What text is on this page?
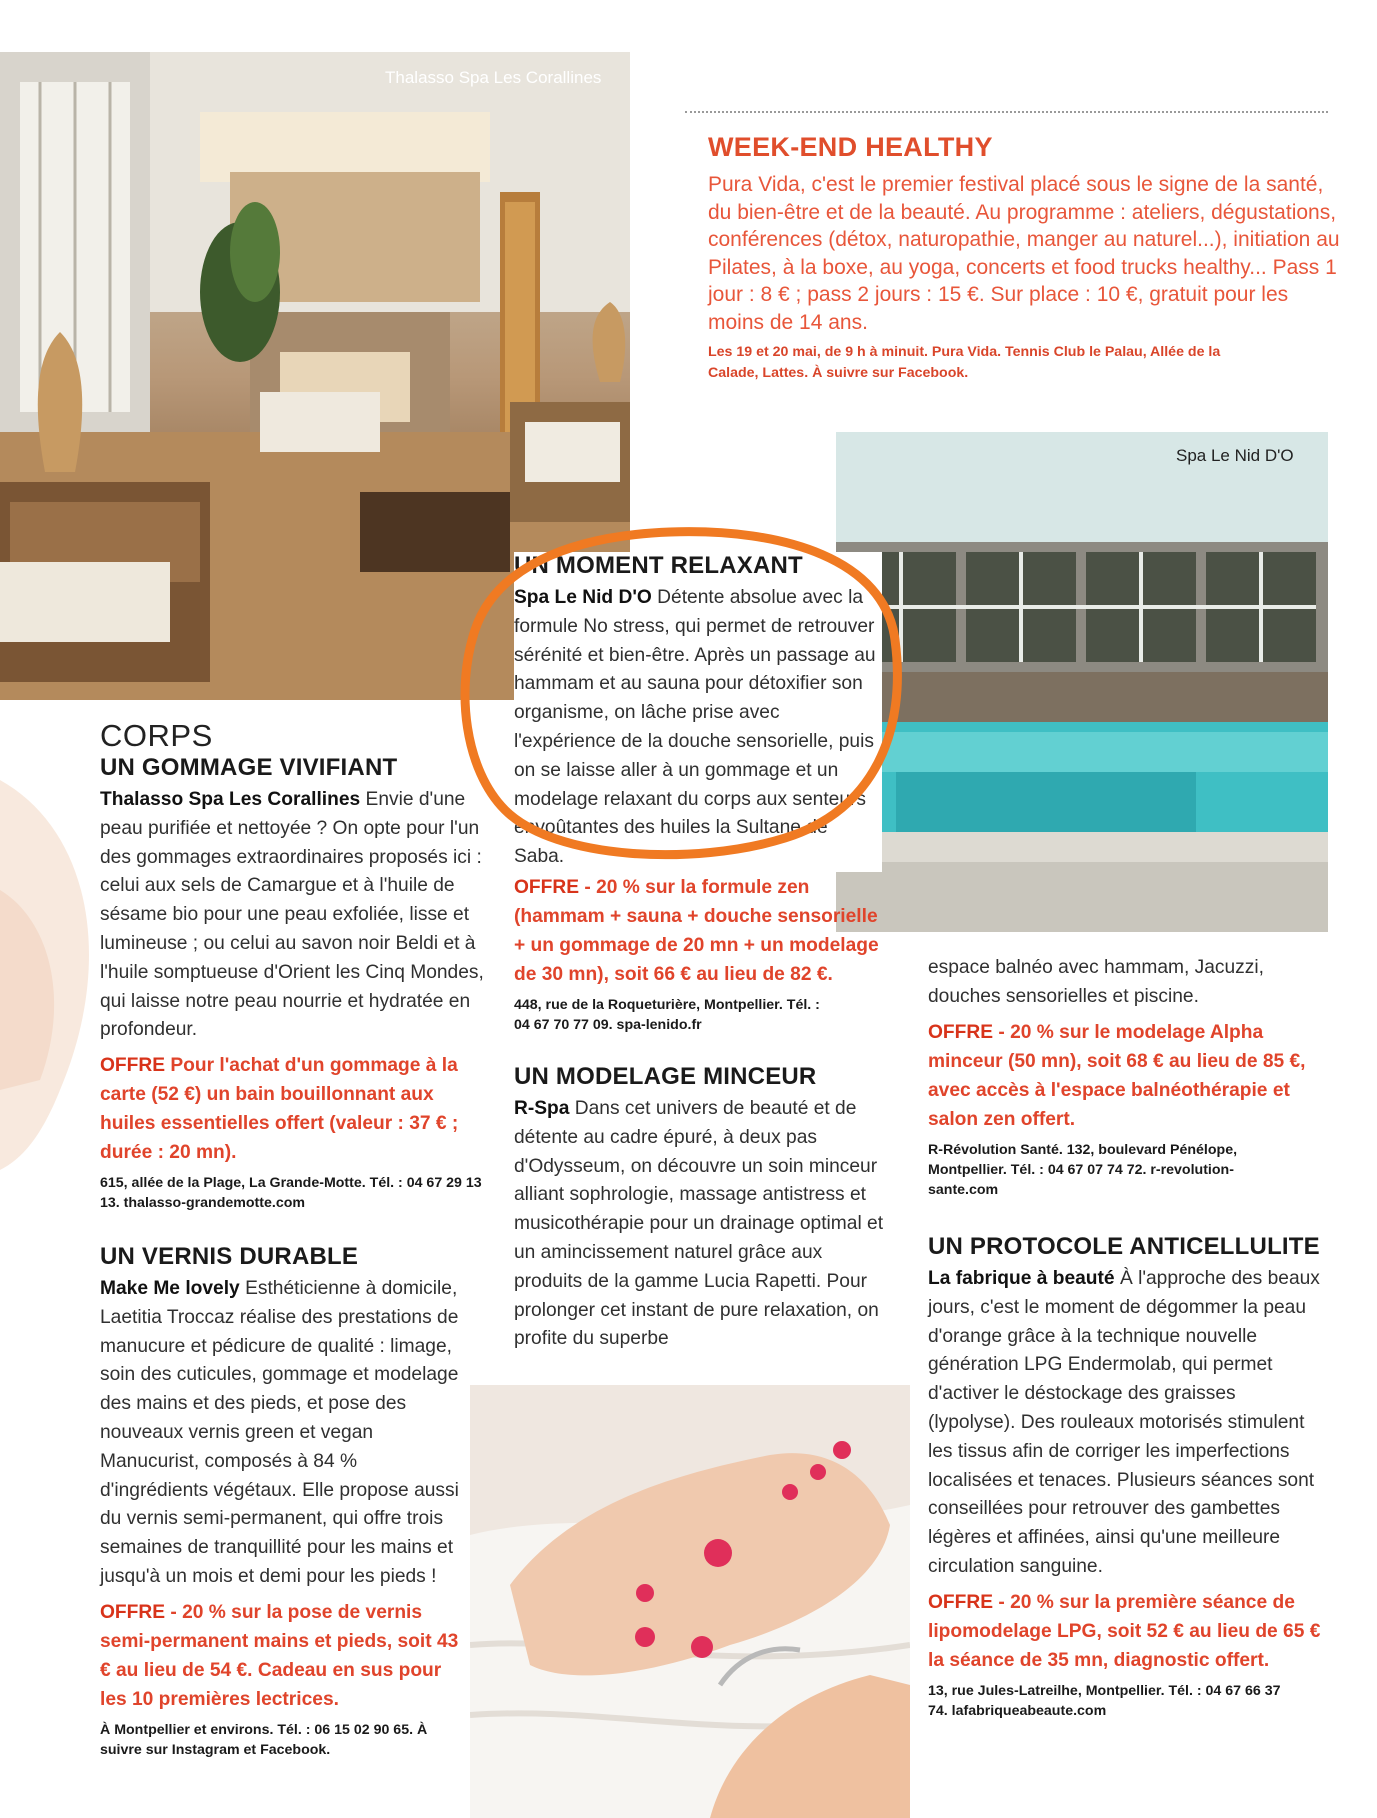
Thalasso Spa Les Corallines
WEEK-END HEALTHY
Pura Vida, c'est le premier festival placé sous le signe de la santé, du bien-être et de la beauté. Au programme : ateliers, dégustations, conférences (détox, naturopathie, manger au naturel...), initiation au Pilates, à la boxe, au yoga, concerts et food trucks healthy... Pass 1 jour : 8 € ; pass 2 jours : 15 €. Sur place : 10 €, gratuit pour les moins de 14 ans.
Les 19 et 20 mai, de 9 h à minuit. Pura Vida. Tennis Club le Palau, Allée de la Calade, Lattes. À suivre sur Facebook.
Spa Le Nid D'O
UN MOMENT RELAXANT
Spa Le Nid D'O Détente absolue avec la formule No stress, qui permet de retrouver sérénité et bien-être. Après un passage au hammam et au sauna pour détoxifier son organisme, on lâche prise avec l'expérience de la douche sensorielle, puis on se laisse aller à un gommage et un modelage relaxant du corps aux senteurs envoûtantes des huiles la Sultane de Saba.
OFFRE - 20 % sur la formule zen (hammam + sauna + douche sensorielle + un gommage de 20 mn + un modelage de 30 mn), soit 66 € au lieu de 82 €.
448, rue de la Roqueturière, Montpellier. Tél. : 04 67 70 77 09. spa-lenido.fr
CORPS
UN GOMMAGE VIVIFIANT
Thalasso Spa Les Corallines Envie d'une peau purifiée et nettoyée ? On opte pour l'un des gommages extraordinaires proposés ici : celui aux sels de Camargue et à l'huile de sésame bio pour une peau exfoliée, lisse et lumineuse ; ou celui au savon noir Beldi et à l'huile somptueuse d'Orient les Cinq Mondes, qui laisse notre peau nourrie et hydratée en profondeur.
OFFRE Pour l'achat d'un gommage à la carte (52 €) un bain bouillonnant aux huiles essentielles offert (valeur : 37 € ; durée : 20 mn).
615, allée de la Plage, La Grande-Motte. Tél. : 04 67 29 13 13. thalasso-grandemotte.com
UN VERNIS DURABLE
Make Me lovely Esthéticienne à domicile, Laetitia Troccaz réalise des prestations de manucure et pédicure de qualité : limage, soin des cuticules, gommage et modelage des mains et des pieds, et pose des nouveaux vernis green et vegan Manucurist, composés à 84 % d'ingrédients végétaux. Elle propose aussi du vernis semi-permanent, qui offre trois semaines de tranquillité pour les mains et jusqu'à un mois et demi pour les pieds !
OFFRE - 20 % sur la pose de vernis semi-permanent mains et pieds, soit 43 € au lieu de 54 €. Cadeau en sus pour les 10 premières lectrices.
À Montpellier et environs. Tél. : 06 15 02 90 65. À suivre sur Instagram et Facebook.
UN MODELAGE MINCEUR
R-Spa Dans cet univers de beauté et de détente au cadre épuré, à deux pas d'Odysseum, on découvre un soin minceur alliant sophrologie, massage antistress et musicothérapie pour un drainage optimal et un amincissement naturel grâce aux produits de la gamme Lucia Rapetti. Pour prolonger cet instant de pure relaxation, on profite du superbe
espace balnéo avec hammam, Jacuzzi, douches sensorielles et piscine.
OFFRE - 20 % sur le modelage Alpha minceur (50 mn), soit 68 € au lieu de 85 €, avec accès à l'espace balnéothérapie et salon zen offert.
R-Révolution Santé. 132, boulevard Pénélope, Montpellier. Tél. : 04 67 07 74 72. r-revolution-sante.com
UN PROTOCOLE ANTICELLULITE
La fabrique à beauté À l'approche des beaux jours, c'est le moment de dégommer la peau d'orange grâce à la technique nouvelle génération LPG Endermolab, qui permet d'activer le déstockage des graisses (lypolyse). Des rouleaux motorisés stimulent les tissus afin de corriger les imperfections localisées et tenaces. Plusieurs séances sont conseillées pour retrouver des gambettes légères et affinées, ainsi qu'une meilleure circulation sanguine.
OFFRE - 20 % sur la première séance de lipomodelage LPG, soit 52 € au lieu de 65 € la séance de 35 mn, diagnostic offert.
13, rue Jules-Latreilhe, Montpellier. Tél. : 04 67 66 37 74. lafabriqueabeaute.com
